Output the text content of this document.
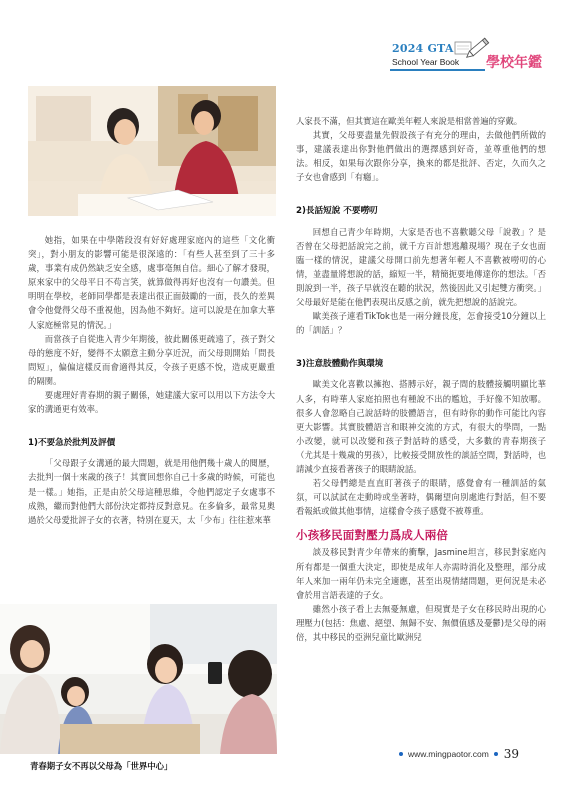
2024 GTA
School Year Book 學校年鑑

她指，如果在中學階段沒有好好處理家庭內的這些「文化衝突」，對小朋友的影響可能是很深遠的：「有些人甚至到了三十多歲，事業有成仍然缺乏安全感，處事毫無自信。細心了解才發現，原來家中的父母平日不苟言笑，就算做得再好也沒有一句讚美。但明明在學校，老師同學都是表達出很正面鼓勵的一面，長久的差異會令他覺得父母不重視他，因為他不夠好。這可以說是在加拿大華人家庭極常見的情況。」

而當孩子自從進入青少年期後，彼此關係更疏遠了，孩子對父母的態度不好，變得不太願意主動分享近況，而父母則開始「問長問短」，偏偏這樣反而會適得其反，令孩子更感不悅，造成更嚴重的隔閡。

要處理好青春期的親子關係，她建議大家可以用以下方法令大家的溝通更有效率。

1)不要急於批判及評價

「父母跟子女溝通的最大問題，就是用他們幾十歲人的閱歷，去批判一個十來歲的孩子！其實回想你自己十多歲的時候，可能也是一樣。」她指，正是由於父母這種思維，令他們認定子女處事不成熟，繼而對他們大部份決定都持反對意見。在多倫多，最常見奧過於父母愛批評子女的衣著，特別在夏天，太「少布」往往惹來華

青春期子女不再以父母為「世界中心」

人家長不滿，但其實這在歐美年輕人來說是相當普遍的穿戴。

其實，父母要盡量先假設孩子有充分的理由，去做他們所做的事，建議表達出你對他們做出的選擇感到好奇，並尊重他們的想法。相反，如果每次跟你分享，換來的都是批評、否定，久而久之子女也會感到「有癮」。

2)長話短說 不要嘮叨

回想自己青少年時期，大家是否也不喜歡聽父母「說教」？是否曾在父母把話說完之前，就千方百計想逃離現場？現在子女也面臨一樣的情況，建議父母開口前先想著年輕人不喜歡被嘮叨的心情，並盡量將想說的話，縮短一半，精簡扼要地傳達你的想法。「否則說到一半，孩子早就沒在聽的狀況，然後因此又引起雙方衝突。」父母最好是能在他們表現出反感之前，就先把想說的話說完。

歐美孩子連看TikTok也是一兩分鐘長度，怎會接受10分鐘以上的「訓話」？

3)注意肢體動作與環境

歐美文化喜歡以擁抱、搭膊示好，親子間的肢體接觸明顯比華人多，有時華人家庭拍照也有種說不出的尷尬，手好像不知放哪。很多人會忽略自己說話時的肢體語言，但有時你的動作可能比內容更大影響。其實肢體語言和眼神交流的方式，有很大的學問，一點小改變，就可以改變和孩子對話時的感受，大多數的青春期孩子（尤其是十幾歲的男孩），比較接受開放性的談話空間，對話時，也請減少直接看著孩子的眼睛說話。

若父母們總是直直盯著孩子的眼睛，感覺會有一種訓話的氣氛，可以試試在走動時或坐著時，偶爾望向別處進行對話，但不要看報紙或做其他事情，這樣會令孩子感覺不被尊重。

小孩移民面對壓力爲成人兩倍

談及移民對青少年帶來的衝擊，Jasmine坦言，移民對家庭內所有都是一個重大決定，即使是成年人亦需時消化及整理，部分成年人來加一兩年仍未完全適應，甚至出現情緒問題，更何況是未必會於用言語表達的子女。

雖然小孩子看上去無憂無慮，但現實是子女在移民時出現的心理壓力(包括：焦慮、絕望、無歸不安、無價值感及憂鬱)是父母的兩倍，其中移民的亞洲兒童比歐洲兒

www.mingpaotor.com 39
